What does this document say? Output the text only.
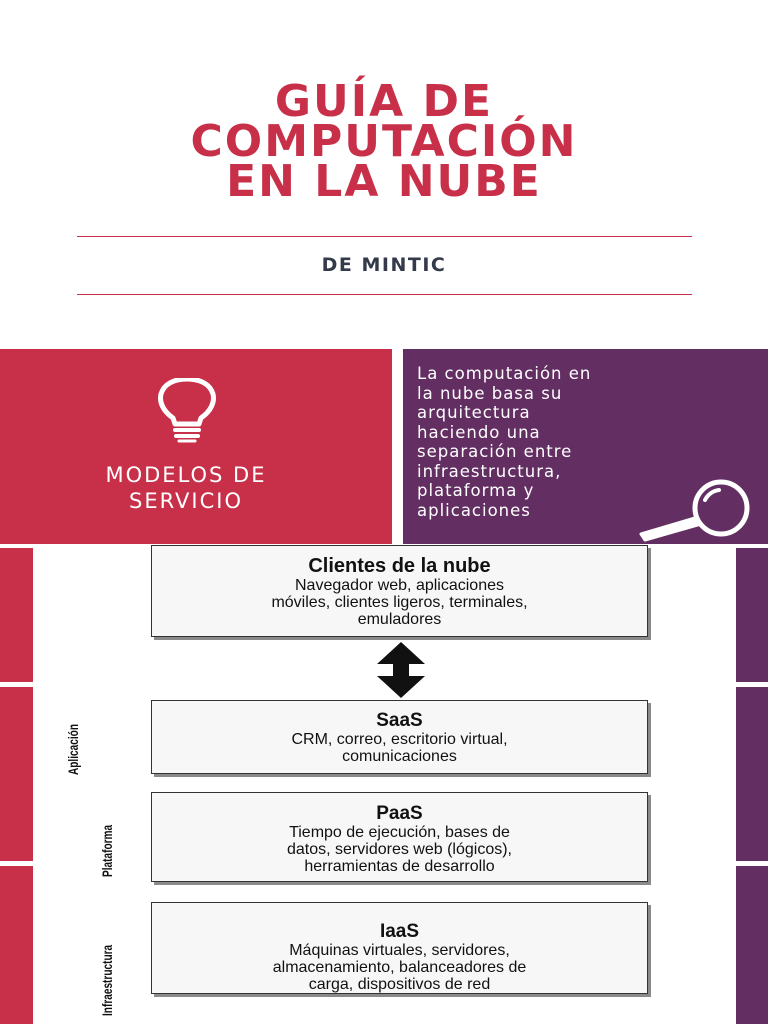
GUÍA DE
COMPUTACIÓN
EN LA NUBE
DE MINTIC
MODELOS DE
SERVICIO
La computación en
la nube basa su
arquitectura
haciendo una
separación entre
infraestructura,
plataforma y
aplicaciones
Clientes de la nube
Navegador web, aplicaciones
móviles, clientes ligeros, terminales,
emuladores
SaaS
CRM, correo, escritorio virtual,
comunicaciones
PaaS
Tiempo de ejecución, bases de
datos, servidores web (lógicos),
herramientas de desarrollo
IaaS
Máquinas virtuales, servidores,
almacenamiento, balanceadores de
carga, dispositivos de red
Aplicación
Plataforma
Infraestructura
